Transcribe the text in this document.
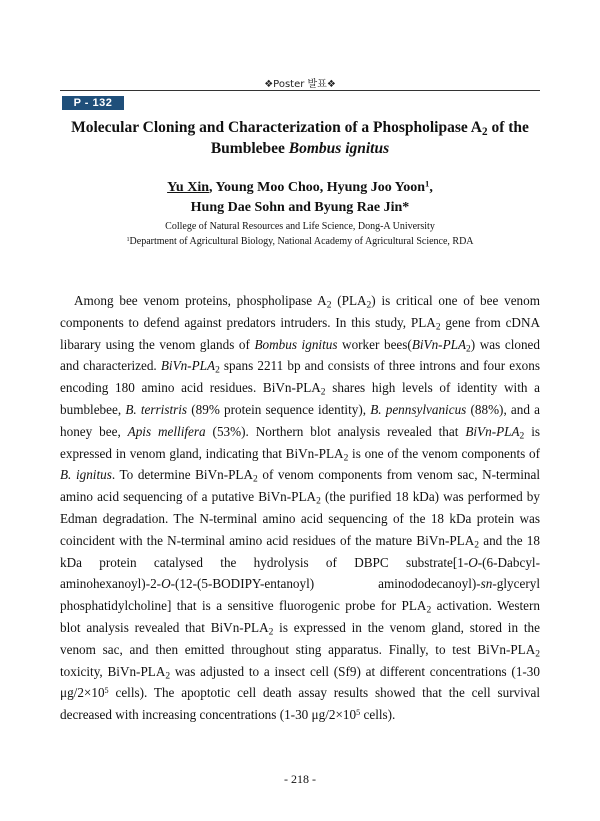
❖Poster 발표❖
P - 132
Molecular Cloning and Characterization of a Phospholipase $A_2$ of the
Bumblebee Bombus ignitus
Yu Xin, Young Moo Choo, Hyung Joo Yoon$^1$,
Hung Dae Sohn and Byung Rae Jin*
College of Natural Resources and Life Science, Dong-A University
$^1$Department of Agricultural Biology, National Academy of Agricultural Science, RDA

Among bee venom proteins, phospholipase $A_2$ $(PLA_2)$ is critical one of bee venom components to defend against predators intruders. In this study, $PLA_2$ gene from cDNA libarary using the venom glands of Bombus ignitus worker $bees(BiVn-PLA_2)$ was cloned and characterized. BiVn-$PLA_2$ spans 2211 bp and consists of three introns and four exons encoding 180 amino acid residues. BiVn-$PLA_2$ shares high levels of identity with a bumblebee, B. terristris (89% protein sequence identity), B. pennsylvanicus (88%), and a honey bee, Apis mellifera (53%). Northern blot analysis revealed that BiVn-$PLA_2$ is expressed in venom gland, indicating that BiVn-$PLA_2$ is one of the venom components of B. ignitus. To determine BiVn-$PLA_2$ of venom components from venom sac, N-terminal amino acid sequencing of a putative BiVn-$PLA_2$ (the purified 18 kDa) was performed by Edman degradation. The N-terminal amino acid sequencing of the 18 kDa protein was coincident with the N-terminal amino acid residues of the mature BiVn-$PLA_2$ and the 18 kDa protein catalysed the hydrolysis of DBPC substrate[1-O-(6-Dabcyl-aminohexanoyl)-2-O-(12-(5-BODIPY-entanoyl) aminododecanoyl)-sn-glyceryl phosphatidylcholine] that is a sensitive fluorogenic probe for $PLA_2$ activation. Western blot analysis revealed that BiVn-$PLA_2$ is expressed in the venom gland, stored in the venom sac, and then emitted throughout sting apparatus. Finally, to test BiVn-$PLA_2$ toxicity, BiVn-$PLA_2$ was adjusted to a insect cell (Sf9) at different concentrations (1-30 $\mu g/2\times 10^5$ cells). The apoptotic cell death assay results showed that the cell survival decreased with increasing concentrations (1-30 $\mu g/2\times 10^5$ cells).

- 218 -
